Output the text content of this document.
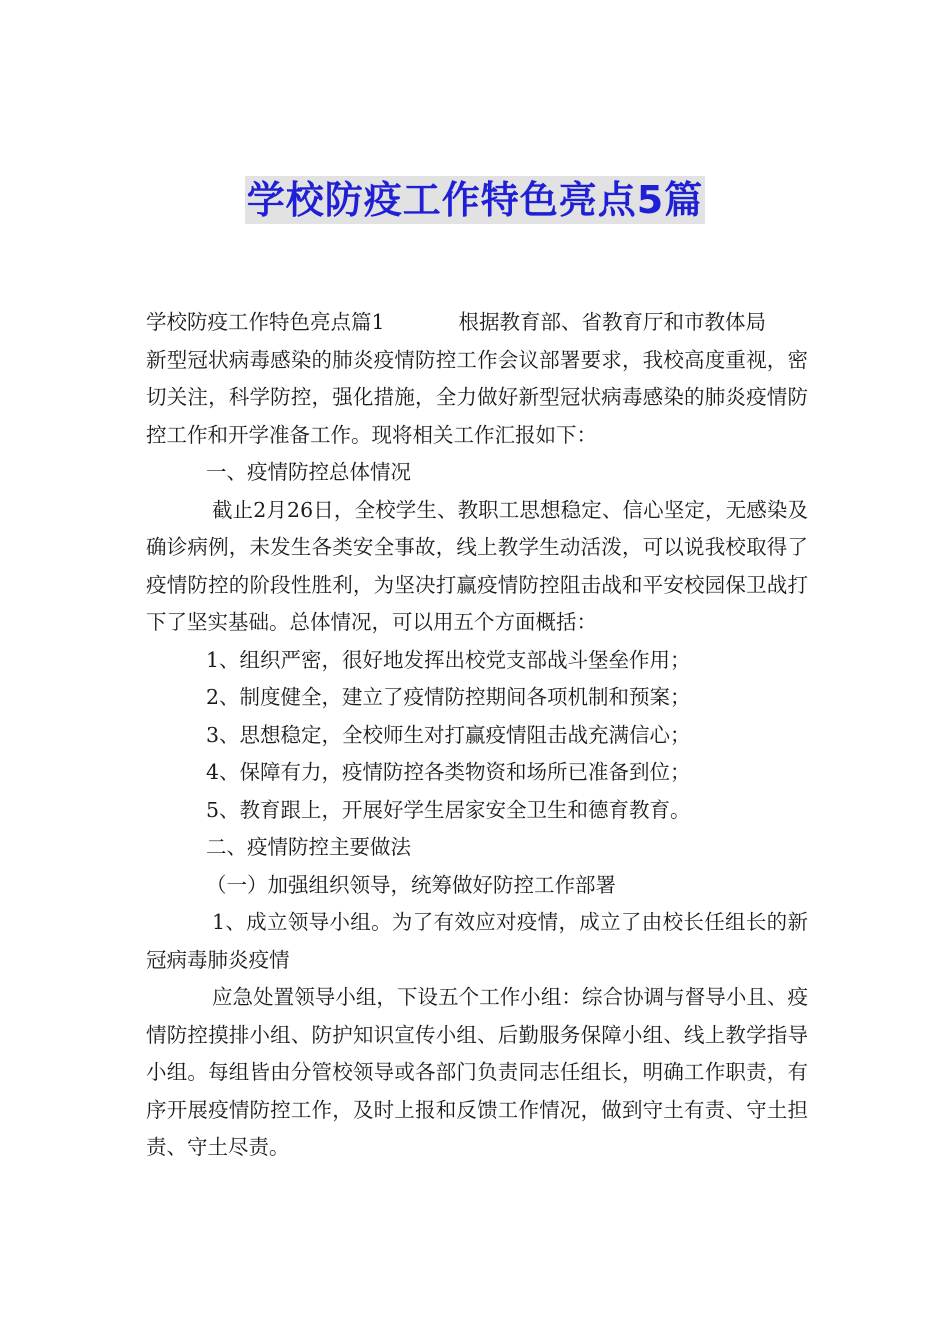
学校防疫工作特色亮点5篇

学校防疫工作特色亮点篇1	根据教育部、省教育厅和市教体局

新型冠状病毒感染的肺炎疫情防控工作会议部署要求，我校高度重视，密切关注，科学防控，强化措施，全力做好新型冠状病毒感染的肺炎疫情防控工作和开学准备工作。现将相关工作汇报如下：

一、疫情防控总体情况

截止2月26日，全校学生、教职工思想稳定、信心坚定，无感染及确诊病例，未发生各类安全事故，线上教学生动活泼，可以说我校取得了疫情防控的阶段性胜利，为坚决打赢疫情防控阻击战和平安校园保卫战打下了坚实基础。总体情况，可以用五个方面概括：

1、组织严密，很好地发挥出校党支部战斗堡垒作用；

2、制度健全，建立了疫情防控期间各项机制和预案；

3、思想稳定，全校师生对打赢疫情阻击战充满信心；

4、保障有力，疫情防控各类物资和场所已准备到位；

5、教育跟上，开展好学生居家安全卫生和德育教育。

二、疫情防控主要做法

（一）加强组织领导，统筹做好防控工作部署

1、成立领导小组。为了有效应对疫情，成立了由校长任组长的新冠病毒肺炎疫情

应急处置领导小组，下设五个工作小组：综合协调与督导小且、疫情防控摸排小组、防护知识宣传小组、后勤服务保障小组、线上教学指导小组。每组皆由分管校领导或各部门负责同志任组长，明确工作职责，有序开展疫情防控工作，及时上报和反馈工作情况，做到守土有责、守土担责、守土尽责。
